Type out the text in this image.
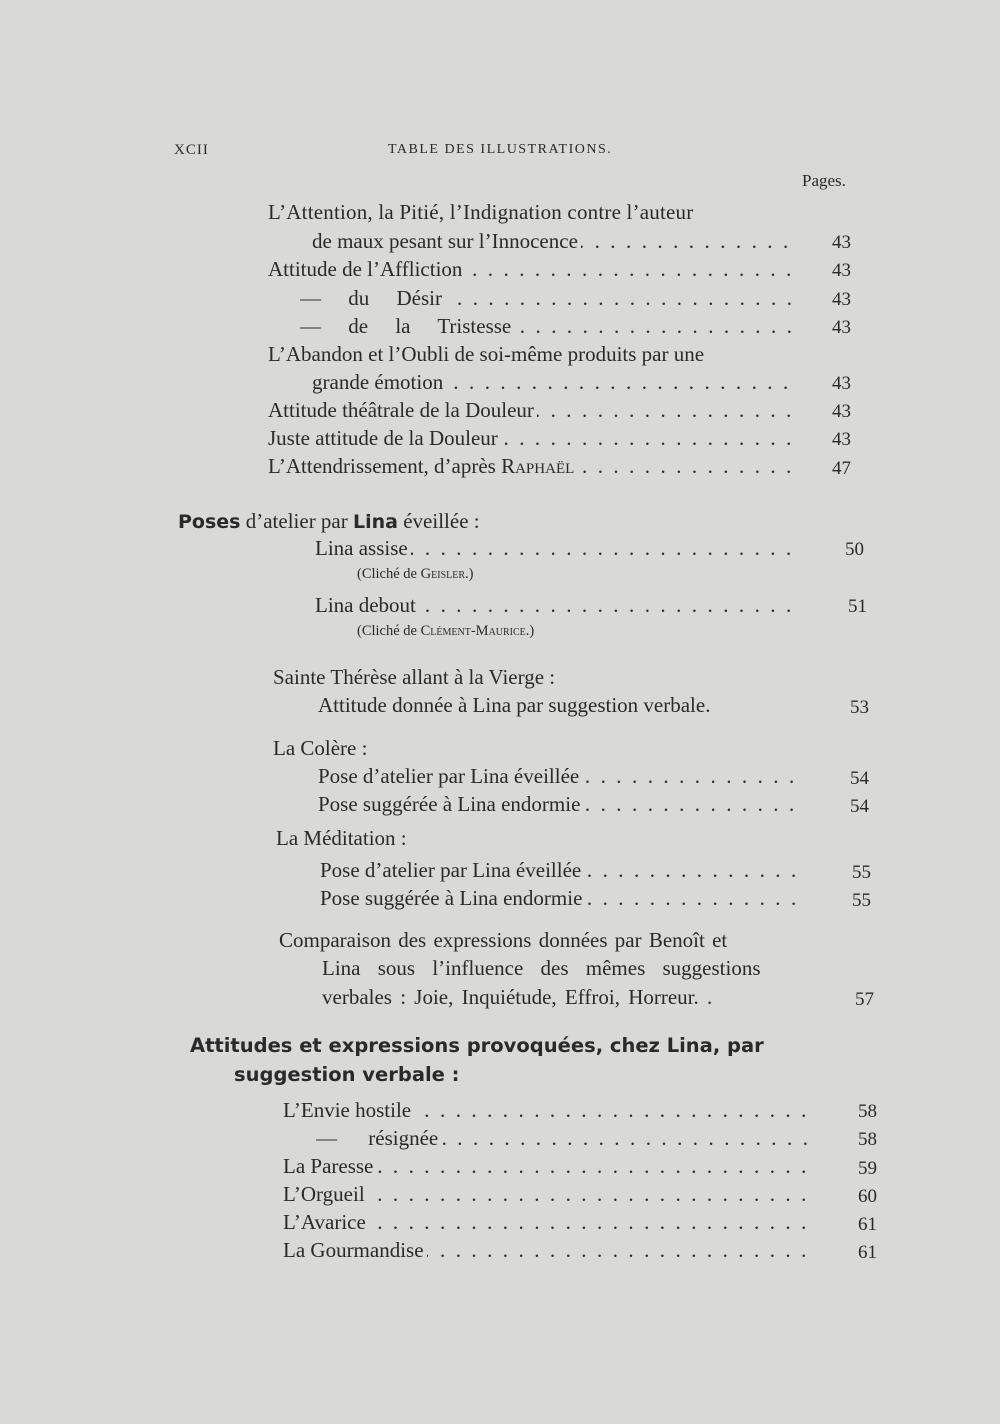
XCII	TABLE DES ILLUSTRATIONS.
Pages.
L’Attention, la Pitié, l’Indignation contre l’auteur
de maux pesant sur l’Innocence . . .	43
Attitude de l’Affliction . . .	43
— du Désir . . .	43
— de la Tristesse . . .	43
L’Abandon et l’Oubli de soi-même produits par une
grande émotion . . .	43
Attitude théâtrale de la Douleur . . .	43
Juste attitude de la Douleur . . .	43
L’Attendrissement, d’après Raphaël . . .	47
Poses d’atelier par Lina éveillée :
Lina assise . . .	50
(Cliché de Geisler.)
Lina debout . . .	51
(Cliché de Clément-Maurice.)
Sainte Thérèse allant à la Vierge :
Attitude donnée à Lina par suggestion verbale.	53
La Colère :
Pose d’atelier par Lina éveillée . . .	54
Pose suggérée à Lina endormie . . .	54
La Méditation :
Pose d’atelier par Lina éveillée . . .	55
Pose suggérée à Lina endormie . . .	55
Comparaison des expressions données par Benoît et
Lina sous l’influence des mêmes suggestions
verbales : Joie, Inquiétude, Effroi, Horreur. .	57
Attitudes et expressions provoquées, chez Lina, par
suggestion verbale :
L’Envie hostile . . .	58
— résignée . . .	58
La Paresse . . .	59
L’Orgueil . . .	60
L’Avarice . . .	61
La Gourmandise . . .	61
